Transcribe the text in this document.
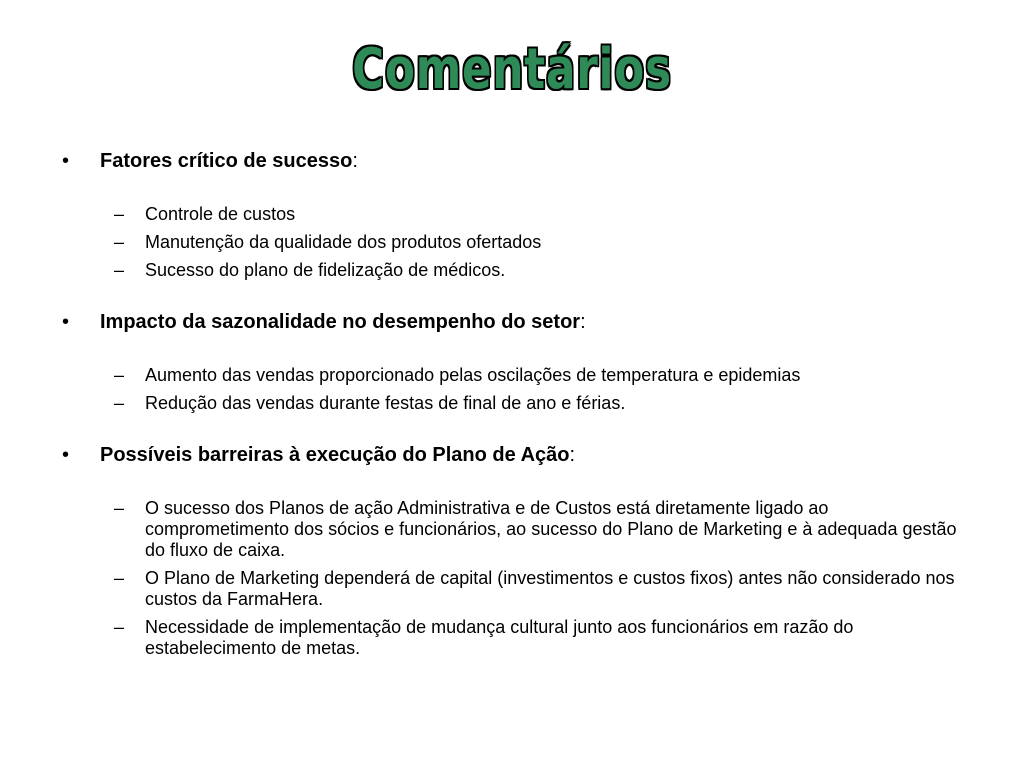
Comentários
• Fatores crítico de sucesso:
– Controle de custos
– Manutenção da qualidade dos produtos ofertados
– Sucesso do plano de fidelização de médicos.
• Impacto da sazonalidade no desempenho do setor:
– Aumento das vendas proporcionado pelas oscilações de temperatura e epidemias
– Redução das vendas durante festas de final de ano e férias.
• Possíveis barreiras à execução do Plano de Ação:
– O sucesso dos Planos de ação Administrativa e de Custos está diretamente ligado ao comprometimento dos sócios e funcionários, ao sucesso do Plano de Marketing e à adequada gestão do fluxo de caixa.
– O Plano de Marketing dependerá de capital (investimentos e custos fixos) antes não considerado nos custos da FarmaHera.
– Necessidade de implementação de mudança cultural junto aos funcionários em razão do estabelecimento de metas.
